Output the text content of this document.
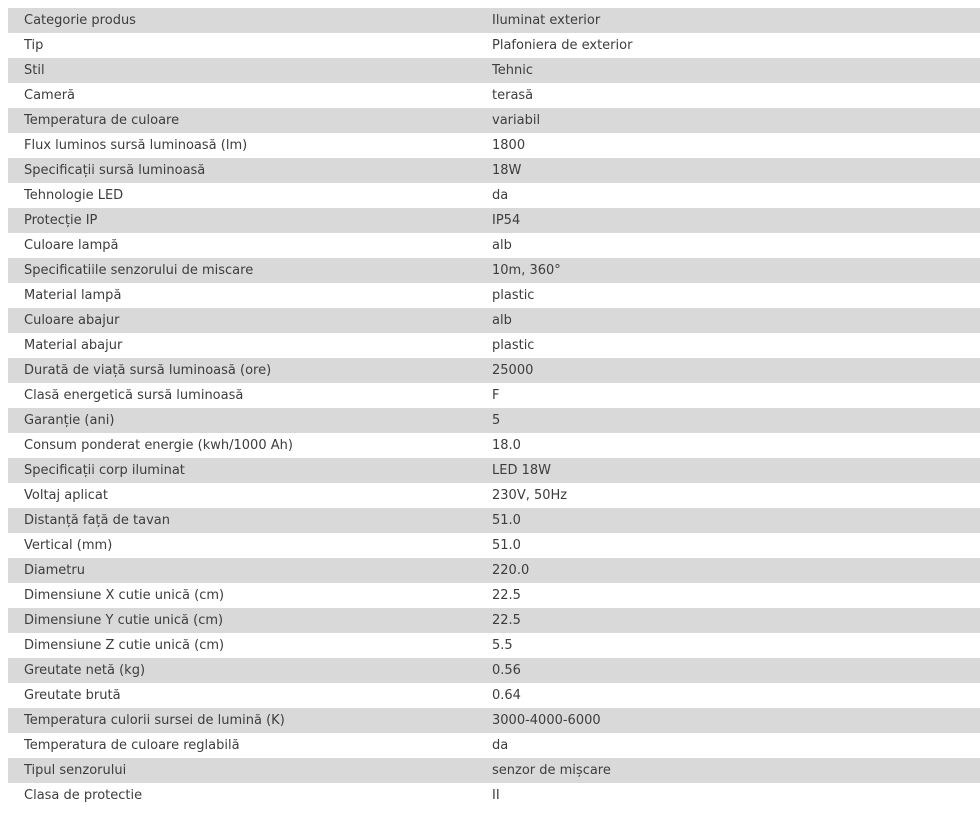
Categorie produs	Iluminat exterior
Tip	Plafoniera de exterior
Stil	Tehnic
Cameră	terasă
Temperatura de culoare	variabil
Flux luminos sursă luminoasă (lm)	1800
Specificații sursă luminoasă	18W
Tehnologie LED	da
Protecție IP	IP54
Culoare lampă	alb
Specificatiile senzorului de miscare	10m, 360°
Material lampă	plastic
Culoare abajur	alb
Material abajur	plastic
Durată de viață sursă luminoasă (ore)	25000
Clasă energetică sursă luminoasă	F
Garanție (ani)	5
Consum ponderat energie (kwh/1000 Ah)	18.0
Specificații corp iluminat	LED 18W
Voltaj aplicat	230V, 50Hz
Distanță față de tavan	51.0
Vertical (mm)	51.0
Diametru	220.0
Dimensiune X cutie unică (cm)	22.5
Dimensiune Y cutie unică (cm)	22.5
Dimensiune Z cutie unică (cm)	5.5
Greutate netă (kg)	0.56
Greutate brută	0.64
Temperatura culorii sursei de lumină (K)	3000-4000-6000
Temperatura de culoare reglabilă	da
Tipul senzorului	senzor de mișcare
Clasa de protectie	II
